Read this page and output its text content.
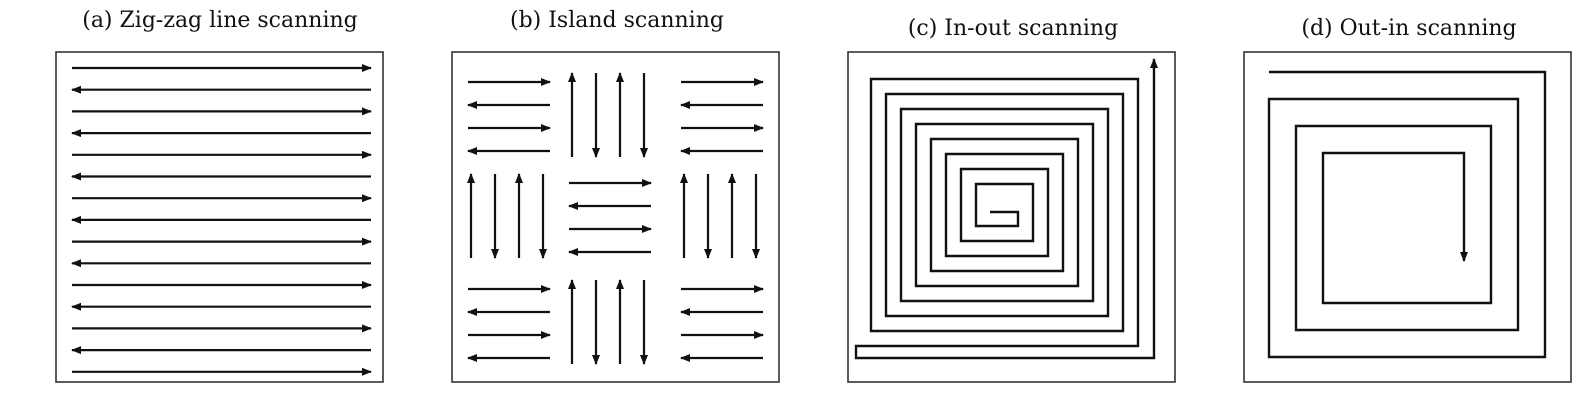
(a) Zig-zag line scanning	(b) Island scanning	(c) In-out scanning	(d) Out-in scanning
